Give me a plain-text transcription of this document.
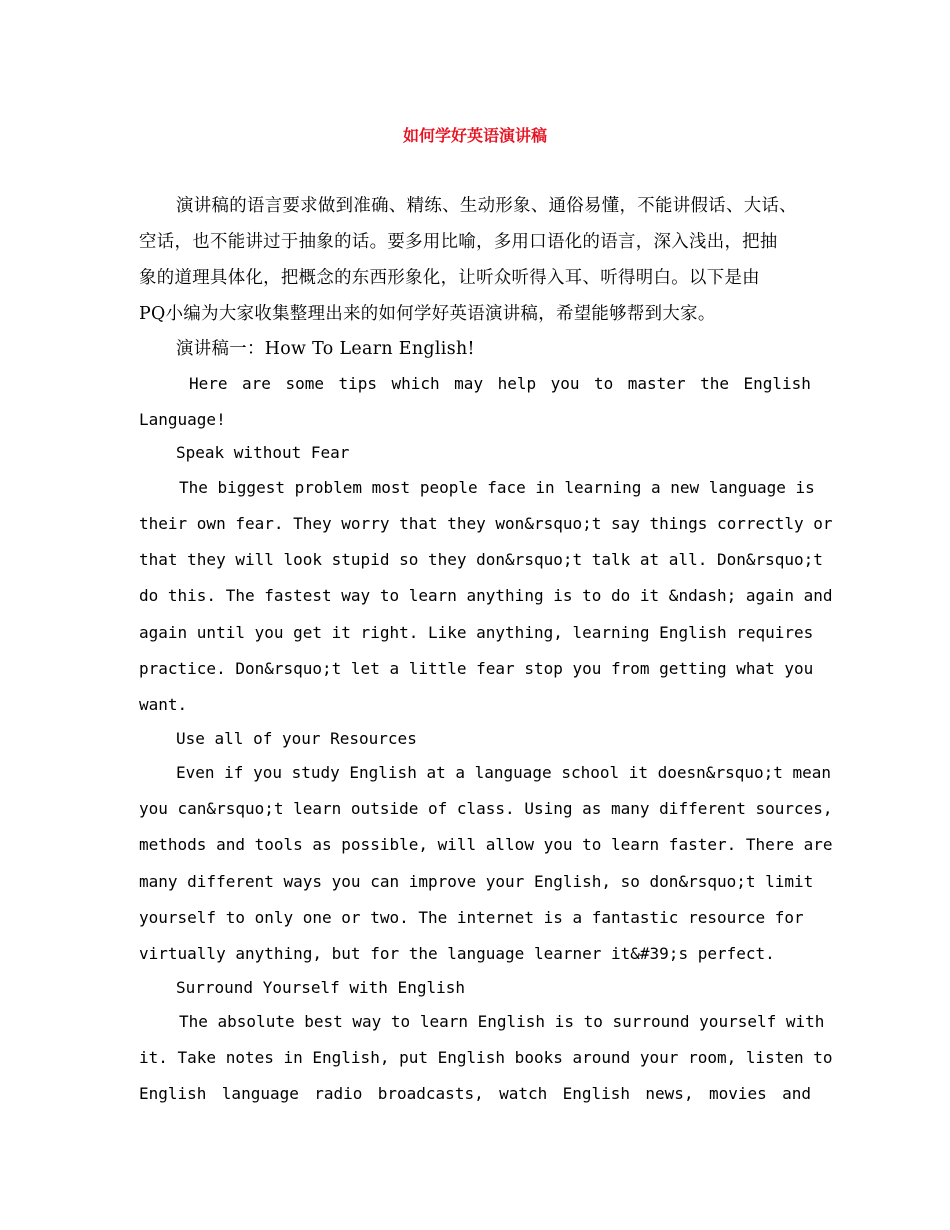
如何学好英语演讲稿
演讲稿的语言要求做到准确、精练、生动形象、通俗易懂，不能讲假话、大话、
空话，也不能讲过于抽象的话。要多用比喻，多用口语化的语言，深入浅出，把抽
象的道理具体化，把概念的东西形象化，让听众听得入耳、听得明白。以下是由
PQ小编为大家收集整理出来的如何学好英语演讲稿，希望能够帮到大家。
演讲稿一：How To Learn English!
Here are some tips which may help you to master the English
Language!
Speak without Fear
The biggest problem most people face in learning a new language is
their own fear. They worry that they won&rsquo;t say things correctly or
that they will look stupid so they don&rsquo;t talk at all. Don&rsquo;t
do this. The fastest way to learn anything is to do it &ndash; again and
again until you get it right. Like anything, learning English requires
practice. Don&rsquo;t let a little fear stop you from getting what you
want.
Use all of your Resources
Even if you study English at a language school it doesn&rsquo;t mean
you can&rsquo;t learn outside of class. Using as many different sources,
methods and tools as possible, will allow you to learn faster. There are
many different ways you can improve your English, so don&rsquo;t limit
yourself to only one or two. The internet is a fantastic resource for
virtually anything, but for the language learner it&#39;s perfect.
Surround Yourself with English
The absolute best way to learn English is to surround yourself with
it. Take notes in English, put English books around your room, listen to
English language radio broadcasts, watch English news, movies and
